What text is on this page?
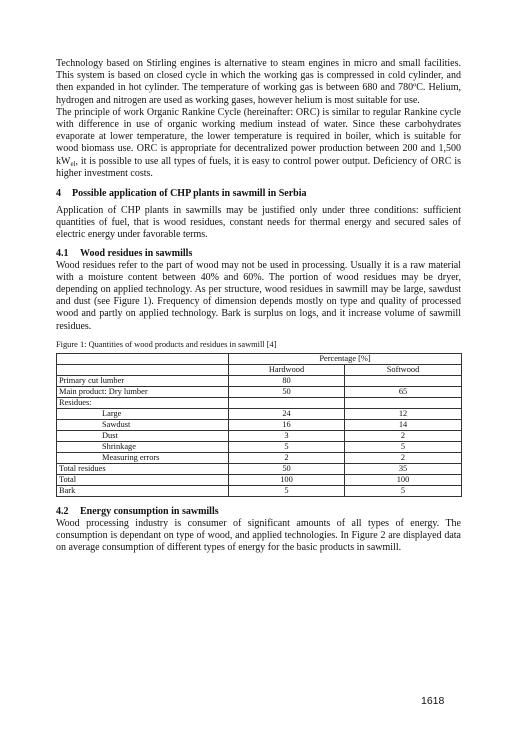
Technology based on Stirling engines is alternative to steam engines in micro and small facilities. This system is based on closed cycle in which the working gas is compressed in cold cylinder, and then expanded in hot cylinder. The temperature of working gas is between 680 and 780ºC. Helium, hydrogen and nitrogen are used as working gases, however helium is most suitable for use.

The principle of work Organic Rankine Cycle (hereinafter: ORC) is similar to regular Rankine cycle with difference in use of organic working medium instead of water. Since these carbohydrates evaporate at lower temperature, the lower temperature is required in boiler, which is suitable for wood biomass use. ORC is appropriate for decentralized power production between 200 and 1,500 $kW_{el}$, it is possible to use all types of fuels, it is easy to control power output. Deficiency of ORC is higher investment costs.

4 Possible application of CHP plants in sawmill in Serbia

Application of CHP plants in sawmills may be justified only under three conditions: sufficient quantities of fuel, that is wood residues, constant needs for thermal energy and secured sales of electric energy under favorable terms.

4.1 Wood residues in sawmills

Wood residues refer to the part of wood may not be used in processing. Usually it is a raw material with a moisture content between 40% and 60%. The portion of wood residues may be dryer, depending on applied technology. As per structure, wood residues in sawmill may be large, sawdust and dust (see Figure 1). Frequency of dimension depends mostly on type and quality of processed wood and partly on applied technology. Bark is surplus on logs, and it increase volume of sawmill residues.

Figure 1: Quantities of wood products and residues in sawmill [4]
	Percentage [%]	
	Hardwood	Softwood
Primary cut lumber	80	
Main product: Dry lumber	50	65
Residues:		
Large	24	12
Sawdust	16	14
Dust	3	2
Shrinkage	5	5
Measuring errors	2	2
Total residues	50	35
Total	100	100
Bark	5	5
4.2 Energy consumption in sawmills

Wood processing industry is consumer of significant amounts of all types of energy. The consumption is dependant on type of wood, and applied technologies. In Figure 2 are displayed data on average consumption of different types of energy for the basic products in sawmill.

1618
